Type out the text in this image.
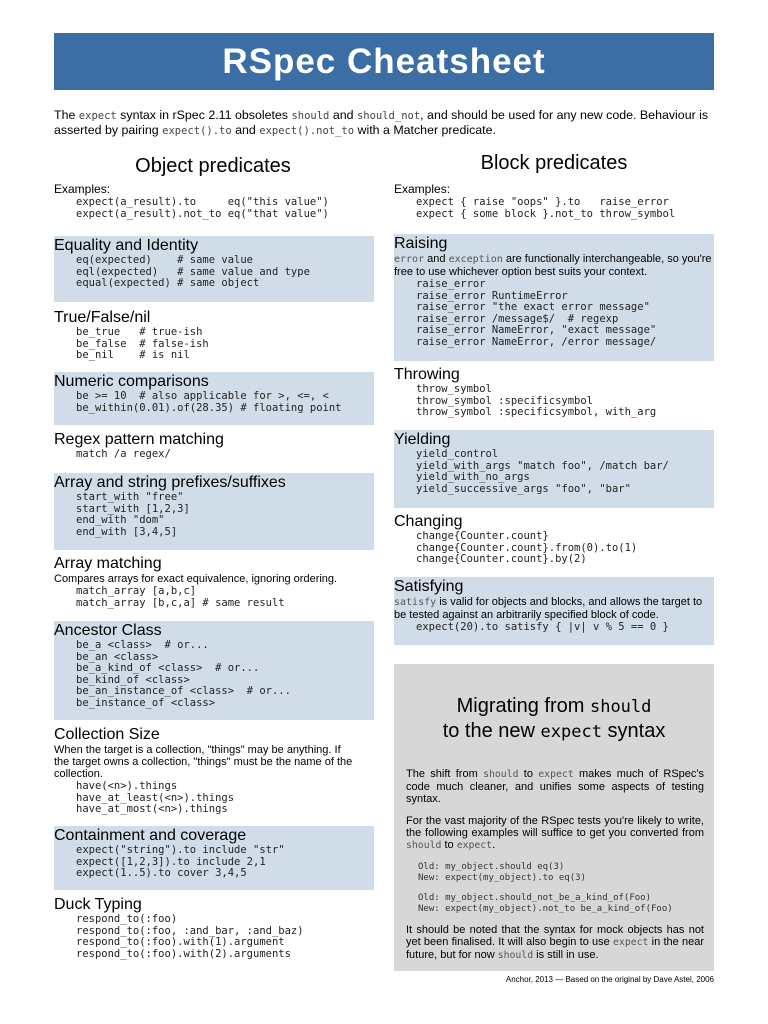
RSpec Cheatsheet
The expect syntax in rSpec 2.11 obsoletes should and should_not, and should be used for any new code. Behaviour is asserted by pairing expect().to and expect().not_to with a Matcher predicate.
Object predicates	Block predicates
Examples:
expect(a_result).to     eq("this value")
expect(a_result).not_to eq("that value")
Examples:
expect { raise "oops" }.to   raise_error
expect { some block }.not_to throw_symbol
Equality and Identity
eq(expected)    # same value
eql(expected)   # same value and type
equal(expected) # same object
True/False/nil
be_true   # true-ish
be_false  # false-ish
be_nil    # is nil
Numeric comparisons
be >= 10  # also applicable for >, <=, <
be_within(0.01).of(28.35) # floating point
Regex pattern matching
match /a regex/
Array and string prefixes/suffixes
start_with "free"
start_with [1,2,3]
end_with "dom"
end_with [3,4,5]
Array matching

Compares arrays for exact equivalence, ignoring ordering.

match_array [a,b,c]
match_array [b,c,a] # same result
Ancestor Class
be_a <class>  # or...
be_an <class>
be_a_kind_of <class>  # or...
be_kind_of <class>
be_an_instance_of <class>  # or...
be_instance_of <class>
Collection Size

When the target is a collection, "things" may be anything. If the target owns a collection, "things" must be the name of the collection.

have(<n>).things
have_at_least(<n>).things
have_at_most(<n>).things
Containment and coverage
expect("string").to include "str"
expect([1,2,3]).to include 2,1
expect(1..5).to cover 3,4,5
Duck Typing
respond_to(:foo)
respond_to(:foo, :and_bar, :and_baz)
respond_to(:foo).with(1).argument
respond_to(:foo).with(2).arguments
Raising

error and exception are functionally interchangeable, so you're free to use whichever option best suits your context.

raise_error
raise_error RuntimeError
raise_error "the exact error message"
raise_error /message$/  # regexp
raise_error NameError, "exact message"
raise_error NameError, /error message/
Throwing
throw_symbol
throw_symbol :specificsymbol
throw_symbol :specificsymbol, with_arg
Yielding
yield_control
yield_with_args "match foo", /match bar/
yield_with_no_args
yield_successive_args "foo", "bar"
Changing
change{Counter.count}
change{Counter.count}.from(0).to(1)
change{Counter.count}.by(2)
Satisfying

satisfy is valid for objects and blocks, and allows the target to be tested against an arbitrarily specified block of code.

expect(20).to satisfy { |v| v % 5 == 0 }
Migrating from should
to the new expect syntax

The shift from should to expect makes much of RSpec's code much cleaner, and unifies some aspects of testing syntax.

For the vast majority of the RSpec tests you're likely to write, the following examples will suffice to get you converted from should to expect.

Old: my_object.should eq(3)
New: expect(my_object).to eq(3)
Old: my_object.should_not_be_a_kind_of(Foo)
New: expect(my_object).not_to be_a_kind_of(Foo)

It should be noted that the syntax for mock objects has not yet been finalised. It will also begin to use expect in the near future, but for now should is still in use.

Anchor, 2013 — Based on the original by Dave Astel, 2006
